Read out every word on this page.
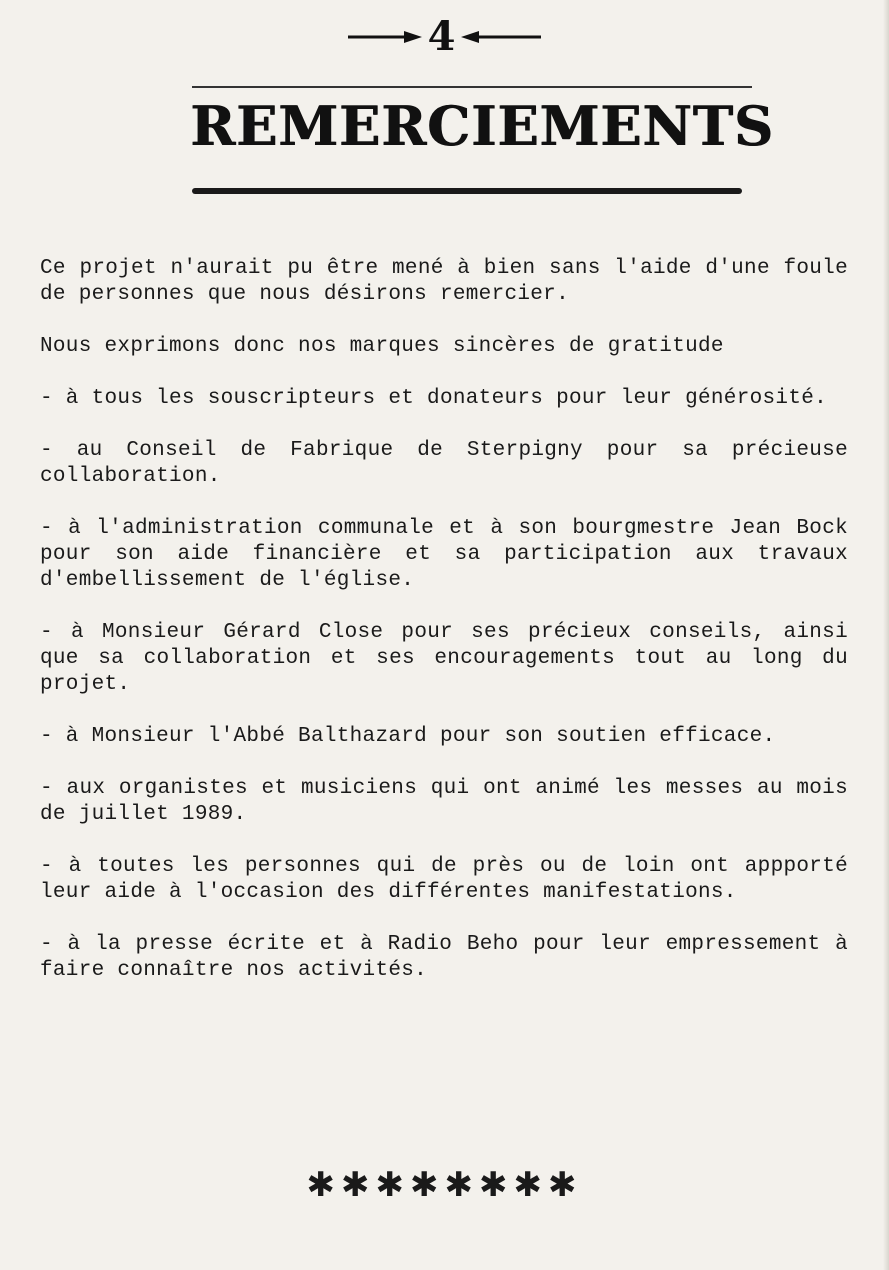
4
REMERCIEMENTS

Ce projet n'aurait pu être mené à bien sans l'aide d'une foule de personnes que nous désirons remercier.

Nous exprimons donc nos marques sincères de gratitude

- à tous les souscripteurs et donateurs pour leur générosité.

- au Conseil de Fabrique de Sterpigny pour sa précieuse collaboration.

- à l'administration communale et à son bourgmestre Jean Bock pour son aide financière et sa participation aux travaux d'embellissement de l'église.

- à Monsieur Gérard Close pour ses précieux conseils, ainsi que sa collaboration et ses encouragements tout au long du projet.

- à Monsieur l'Abbé Balthazard pour son soutien efficace.

- aux organistes et musiciens qui ont animé les messes au mois de juillet 1989.

- à toutes les personnes qui de près ou de loin ont appporté leur aide à l'occasion des différentes manifestations.

- à la presse écrite et à Radio Beho pour leur empressement à faire connaître nos activités.

✱✱✱✱✱✱✱✱
